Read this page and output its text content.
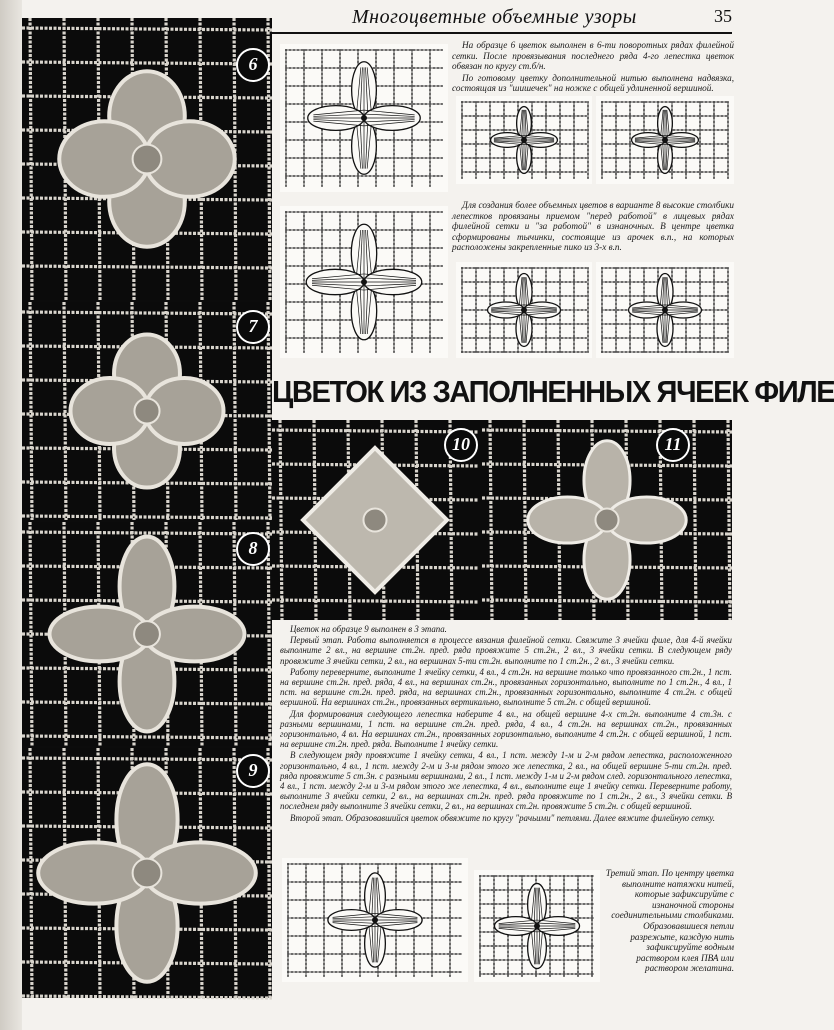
Многоцветные объемные узоры	35
6
7
8
9

На образце 6 цветок выполнен в 6-ти поворотных рядах филейной сетки. После провязывания последнего ряда 4-го лепестка цветок обвязан по кругу ст.б/н.

По готовому цветку дополнительной нитью выполнена надвязка, состоящая из "шишечек" на ножке с общей удлиненной вершиной.

Для создания более объемных цветов в варианте 8 высокие столбики лепестков провязаны приемом "перед работой" в лицевых рядах филейной сетки и "за работой" в изнаночных. В центре цветка сформированы тычинки, состоящие из арочек в.п., на которых расположены закрепленные пико из 3-х в.п.

ЦВЕТОК ИЗ ЗАПОЛНЕННЫХ ЯЧЕЕК ФИЛЕ
10	11

Цветок на образце 9 выполнен в 3 этапа.

Первый этап. Работа выполняется в процессе вязания филейной сетки. Свяжите 3 ячейки филе, для 4-й ячейки выполните 2 вл., на вершине ст.2н. пред. ряда провяжите 5 ст.2н., 2 вл., 3 ячейки сетки. В следующем ряду провяжите 3 ячейки сетки, 2 вл., на вершинах 5-ти ст.2н. выполните по 1 ст.2н., 2 вл., 3 ячейки сетки.

Работу переверните, выполните 1 ячейку сетки, 4 вл., 4 ст.2н. на вершине только что провязанного ст.2н., 1 пст. на вершине ст.2н. пред. ряда, 4 вл., на вершинах ст.2н., провязанных горизонтально, выполните по 1 ст.2н., 4 вл., 1 пст. на вершине ст.2н. пред. ряда, на вершинах ст.2н., провязанных горизонтально, выполните 4 ст.2н. с общей вершиной. На вершинах ст.2н., провязанных вертикально, выполните 5 ст.2н. с общей вершиной.

Для формирования следующего лепестка наберите 4 вл., на общей вершине 4-х ст.2н. выполните 4 ст.3н. с разными вершинами, 1 пст. на вершине ст.2н. пред. ряда, 4 вл., 4 ст.2н. на вершинах ст.2н., провязанных горизонтально, 4 вл. На вершинах ст.2н., провязанных горизонтально, выполните 4 ст.2н. с общей вершиной, 1 пст. на вершине ст.2н. пред. ряда. Выполните 1 ячейку сетки.

В следующем ряду провяжите 1 ячейку сетки, 4 вл., 1 пст. между 1-м и 2-м рядом лепестка, расположенного горизонтально, 4 вл., 1 пст. между 2-м и 3-м рядом этого же лепестка, 2 вл., на общей вершине 5-ти ст.2н. пред. ряда провяжите 5 ст.3н. с разными вершинами, 2 вл., 1 пст. между 1-м и 2-м рядом след. горизонтального лепестка, 4 вл., 1 пст. между 2-м и 3-м рядом этого же лепестка, 4 вл., выполните еще 1 ячейку сетки. Переверните работу, выполните 3 ячейки сетки, 2 вл., на вершинах ст.2н. пред. ряда провяжите по 1 ст.2н., 2 вл., 3 ячейки сетки. В последнем ряду выполните 3 ячейки сетки, 2 вл., на вершинах ст.2н. провяжите 5 ст.2н. с общей вершиной.

Второй этап. Образовавшийся цветок обвяжите по кругу "рачьими" петлями. Далее вяжите филейную сетку.

Третий этап. По центру цветка выполните натяжки нитей, которые зафиксируйте с изнаночной стороны соединительными столбиками. Образовавшиеся петли разрежьте, каждую нить зафиксируйте водным раствором клея ПВА или раствором желатина.
